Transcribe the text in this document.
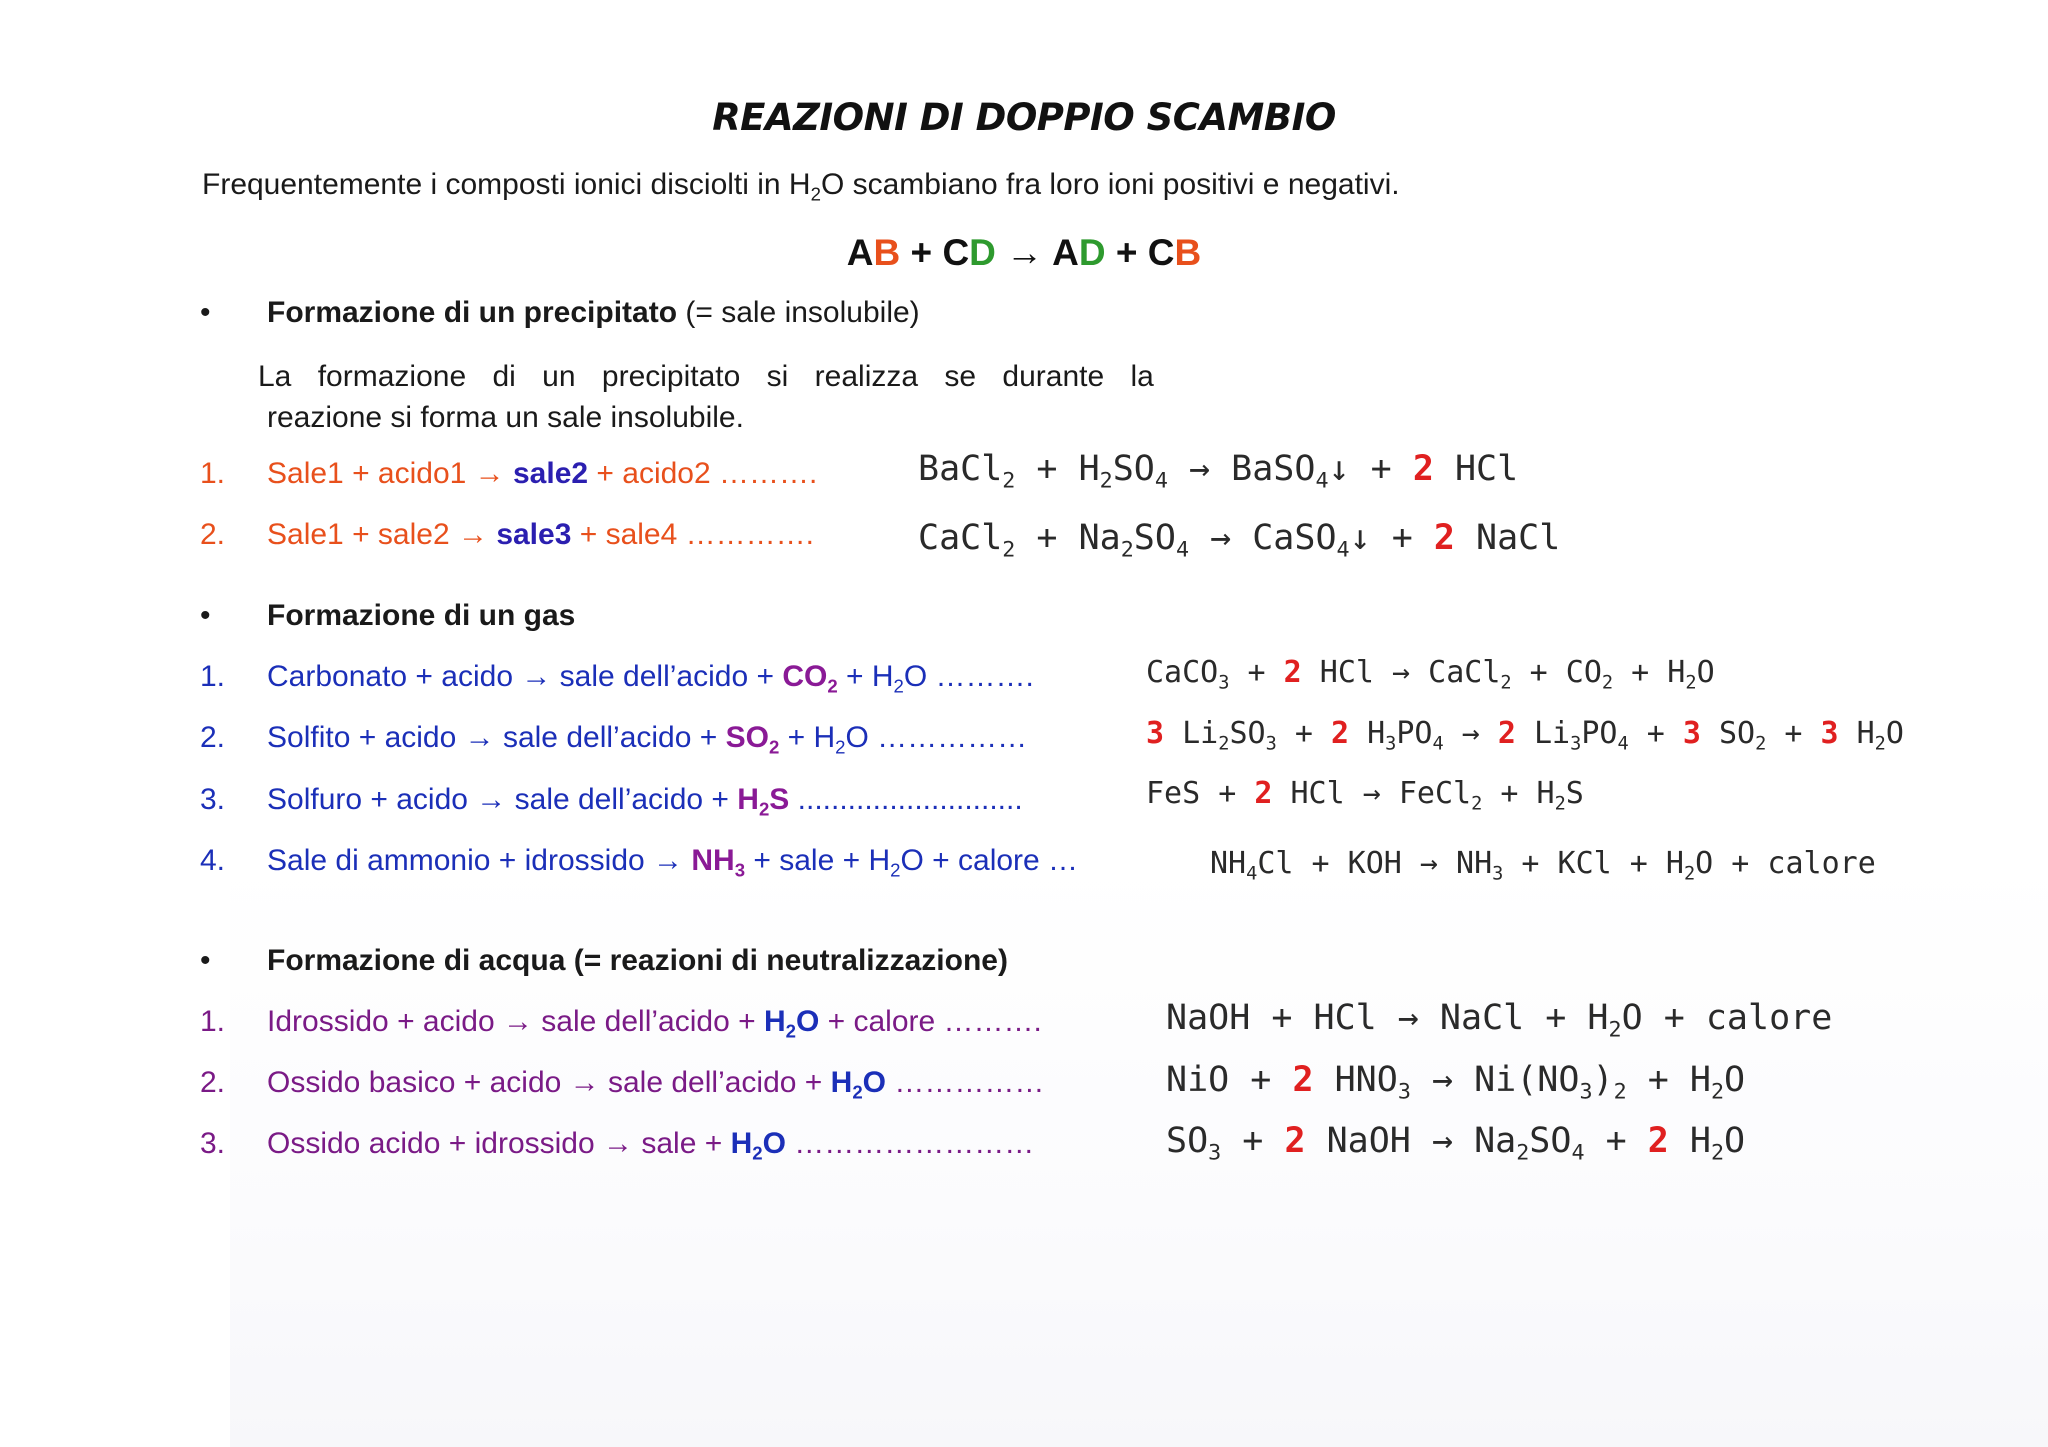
REAZIONI DI DOPPIO SCAMBIO
Frequentemente i composti ionici disciolti in $H_2O$ scambiano fra loro ioni positivi e negativi.
AB + CD → AD + CB
• Formazione di un precipitato (= sale insolubile)
La formazione di un precipitato si realizza se durante la
reazione si forma un sale insolubile.
1. Sale1 + acido1 → sale2 + acido2 ……….	BaCl$_2$ + $H_2SO_4$ → BaSO$_4$↓ + 2 HCl
2. Sale1 + sale2 → sale3 + sale4 ………….	CaCl$_2$ + $Na_2SO_4$ → CaSO$_4$↓ + 2 NaCl
• Formazione di un gas
1. Carbonato + acido → sale dell’acido + $CO_2 + H_2O$ ……….	CaCO$_3$ + 2 HCl → CaCl$_2$ + $CO_2 + H_2O$
2. Solfito + acido → sale dell’acido + $SO_2 + H_2O$ ……………	3 $Li_2SO_3 + 2$ $H_3PO_4 \to 2$ $Li_3PO_4 + 3$ $SO_2 + 3$ $H_2O$
3. Solfuro + acido → sale dell’acido + $H_2S$ ...........................	FeS + 2 HCl → FeCl$_2$ + $H_2S$
4. Sale di ammonio + idrossido → $NH_3$ + sale + $H_2O$ + calore …	$NH_4Cl$ + KOH → $NH_3$ + KCl + $H_2O$ + calore
• Formazione di acqua (= reazioni di neutralizzazione)
1. Idrossido + acido → sale dell’acido + $H_2O$ + calore ……….	NaOH + HCl → NaCl + $H_2O$ + calore
2. Ossido basico + acido → sale dell’acido + $H_2O$ ……………	NiO + 2 $HNO_3 \to Ni(NO_3)_2 + H_2O$
3. Ossido acido + idrossido → sale + $H_2O$ ……………………	$SO_3 + 2$ NaOH → $Na_2SO_4 + 2$ $H_2O$
